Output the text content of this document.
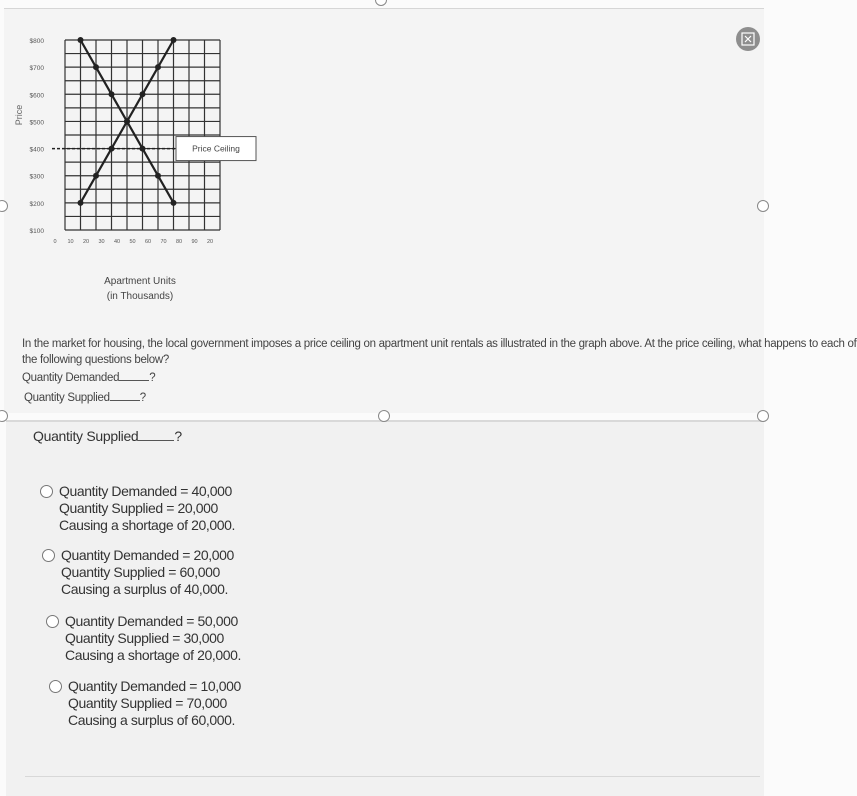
$800
$700
$600
$500
$400
$300
$200
$100
Price
0 10 20 30 40 50 60 70 80 90 20
Apartment Units
(in Thousands)
Price Ceiling
In the market for housing, the local government imposes a price ceiling on apartment unit rentals as illustrated in the graph above. At the price ceiling, what happens to each of
the following questions below?
Quantity Demanded	?
Quantity Supplied	?
Quantity Supplied	?
Quantity Demanded = 40,000
Quantity Supplied = 20,000
Causing a shortage of 20,000.
Quantity Demanded = 20,000
Quantity Supplied = 60,000
Causing a surplus of 40,000.
Quantity Demanded = 50,000
Quantity Supplied = 30,000
Causing a shortage of 20,000.
Quantity Demanded = 10,000
Quantity Supplied = 70,000
Causing a surplus of 60,000.
